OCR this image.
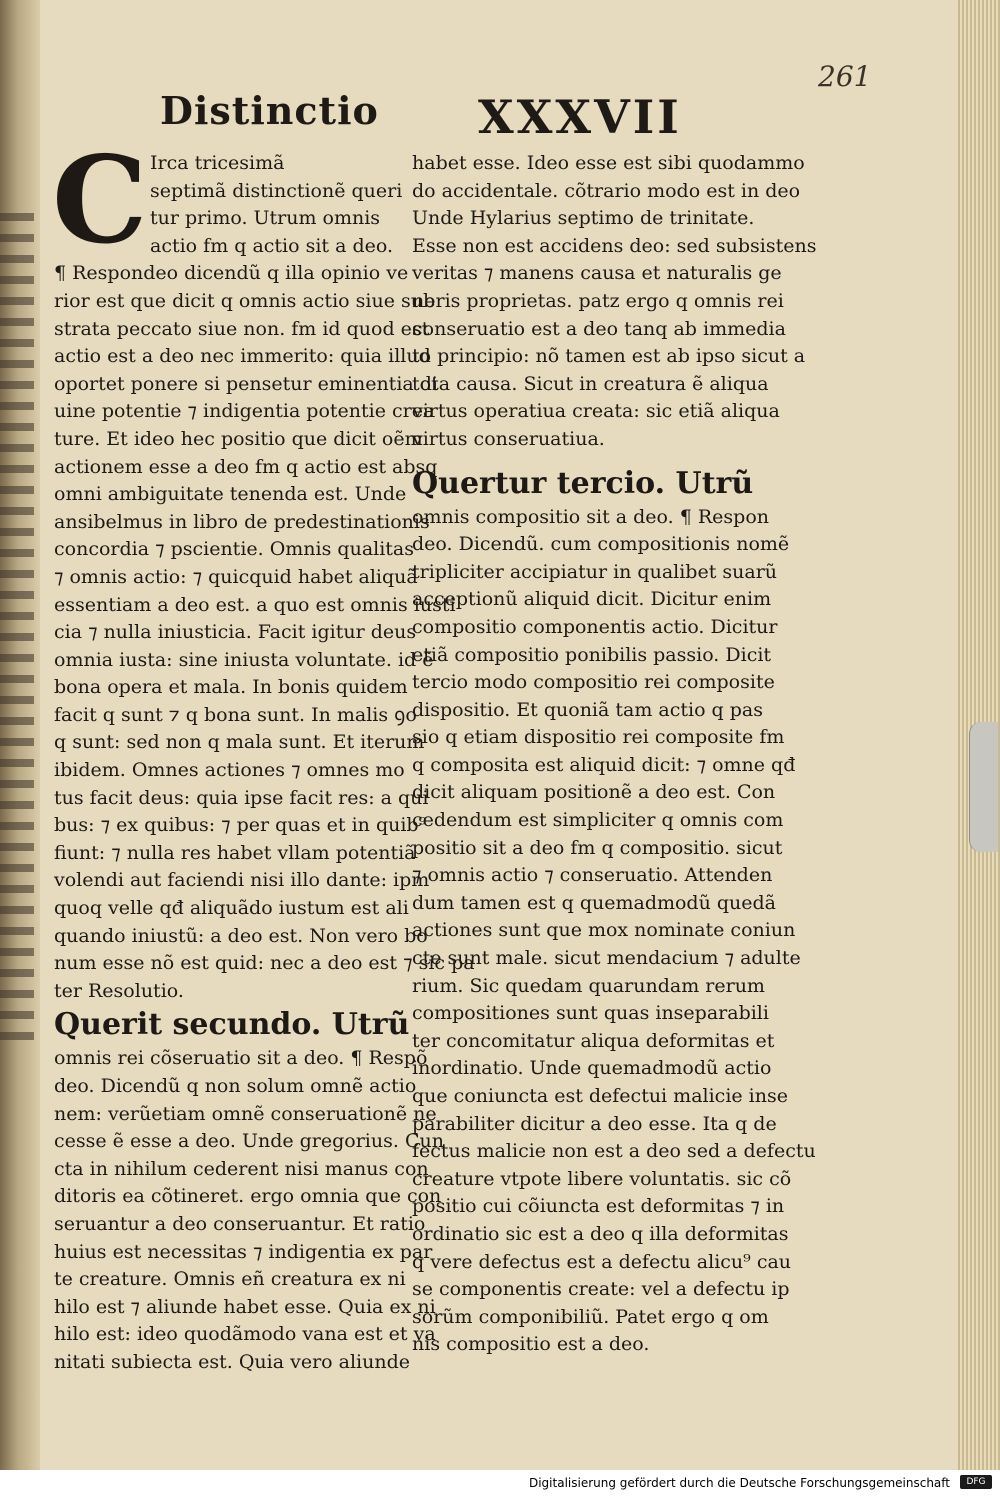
261
Distinctio XXXVII
C Irca tricesimã
septimã distinctionẽ queri
tur primo. Utrum omnis
actio fm q actio sit a deo.
¶ Respondeo dicendũ q illa opinio ve
rior est que dicit q omnis actio siue sub
strata peccato siue non. fm id quod est
actio est a deo nec immerito: quia illud
oportet ponere si pensetur eminentia di
uine potentie ⁊ indigentia potentie crea
ture. Et ideo hec positio que dicit oẽm
actionem esse a deo fm q actio est absq
omni ambiguitate tenenda est. Unde
ansibelmus in libro de predestinationis
concordia ⁊ pscientie. Omnis qualitas
⁊ omnis actio: ⁊ quicquid habet aliquã
essentiam a deo est. a quo est omnis iusti
cia ⁊ nulla iniusticia. Facit igitur deus
omnia iusta: sine iniusta voluntate. id ẽ
bona opera et mala. In bonis quidem
facit q sunt ⁊ q bona sunt. In malis ꝯo
q sunt: sed non q mala sunt. Et iterum
ibidem. Omnes actiones ⁊ omnes mo
tus facit deus: quia ipse facit res: a qui
bus: ⁊ ex quibus: ⁊ per quas et in quib⁹
fiunt: ⁊ nulla res habet vllam potentiã
volendi aut faciendi nisi illo dante: ipm
quoq velle qđ aliquãdo iustum est ali
quando iniustũ: a deo est. Non vero bo
num esse nõ est quid: nec a deo est ⁊ sic pa
ter Resolutio.
Querit secundo. Utrũ
omnis rei cõseruatio sit a deo. ¶ Respõ
deo. Dicendũ q non solum omnẽ actio
nem: verũetiam omnẽ conseruationẽ ne
cesse ẽ esse a deo. Unde gregorius. Cun
cta in nihilum cederent nisi manus con
ditoris ea cõtineret. ergo omnia que con
seruantur a deo conseruantur. Et ratio
huius est necessitas ⁊ indigentia ex par
te creature. Omnis eñ creatura ex ni
hilo est ⁊ aliunde habet esse. Quia ex ni
hilo est: ideo quodãmodo vana est et va
nitati subiecta est. Quia vero aliunde
habet esse. Ideo esse est sibi quodammo
do accidentale. cõtrario modo est in deo
Unde Hylarius septimo de trinitate.
Esse non est accidens deo: sed subsistens
veritas ⁊ manens causa et naturalis ge
neris proprietas. patz ergo q omnis rei
conseruatio est a deo tanq ab immedia
to principio: nõ tamen est ab ipso sicut a
tota causa. Sicut in creatura ẽ aliqua
virtus operatiua creata: sic etiã aliqua
virtus conseruatiua.
Quertur tercio. Utrũ
omnis compositio sit a deo. ¶ Respon
deo. Dicendũ. cum compositionis nomẽ
tripliciter accipiatur in qualibet suarũ
acceptionũ aliquid dicit. Dicitur enim
compositio componentis actio. Dicitur
etiã compositio ponibilis passio. Dicit
tercio modo compositio rei composite
dispositio. Et quoniã tam actio q pas
sio q etiam dispositio rei composite fm
q composita est aliquid dicit: ⁊ omne qđ
dicit aliquam positionẽ a deo est. Con
cedendum est simpliciter q omnis com
positio sit a deo fm q compositio. sicut
⁊ omnis actio ⁊ conseruatio. Attenden
dum tamen est q quemadmodũ quedã
actiones sunt que mox nominate coniun
cte sunt male. sicut mendacium ⁊ adulte
rium. Sic quedam quarundam rerum
compositiones sunt quas inseparabili
ter concomitatur aliqua deformitas et
inordinatio. Unde quemadmodũ actio
que coniuncta est defectui malicie inse
parabiliter dicitur a deo esse. Ita q de
fectus malicie non est a deo sed a defectu
creature vtpote libere voluntatis. sic cõ
positio cui cõiuncta est deformitas ⁊ in
ordinatio sic est a deo q illa deformitas
q vere defectus est a defectu alicu⁹ cau
se componentis create: vel a defectu ip
sorũm componibiliũ. Patet ergo q om
nis compositio est a deo.
Digitalisierung gefördert durch die Deutsche Forschungsgemeinschaft	DFG
